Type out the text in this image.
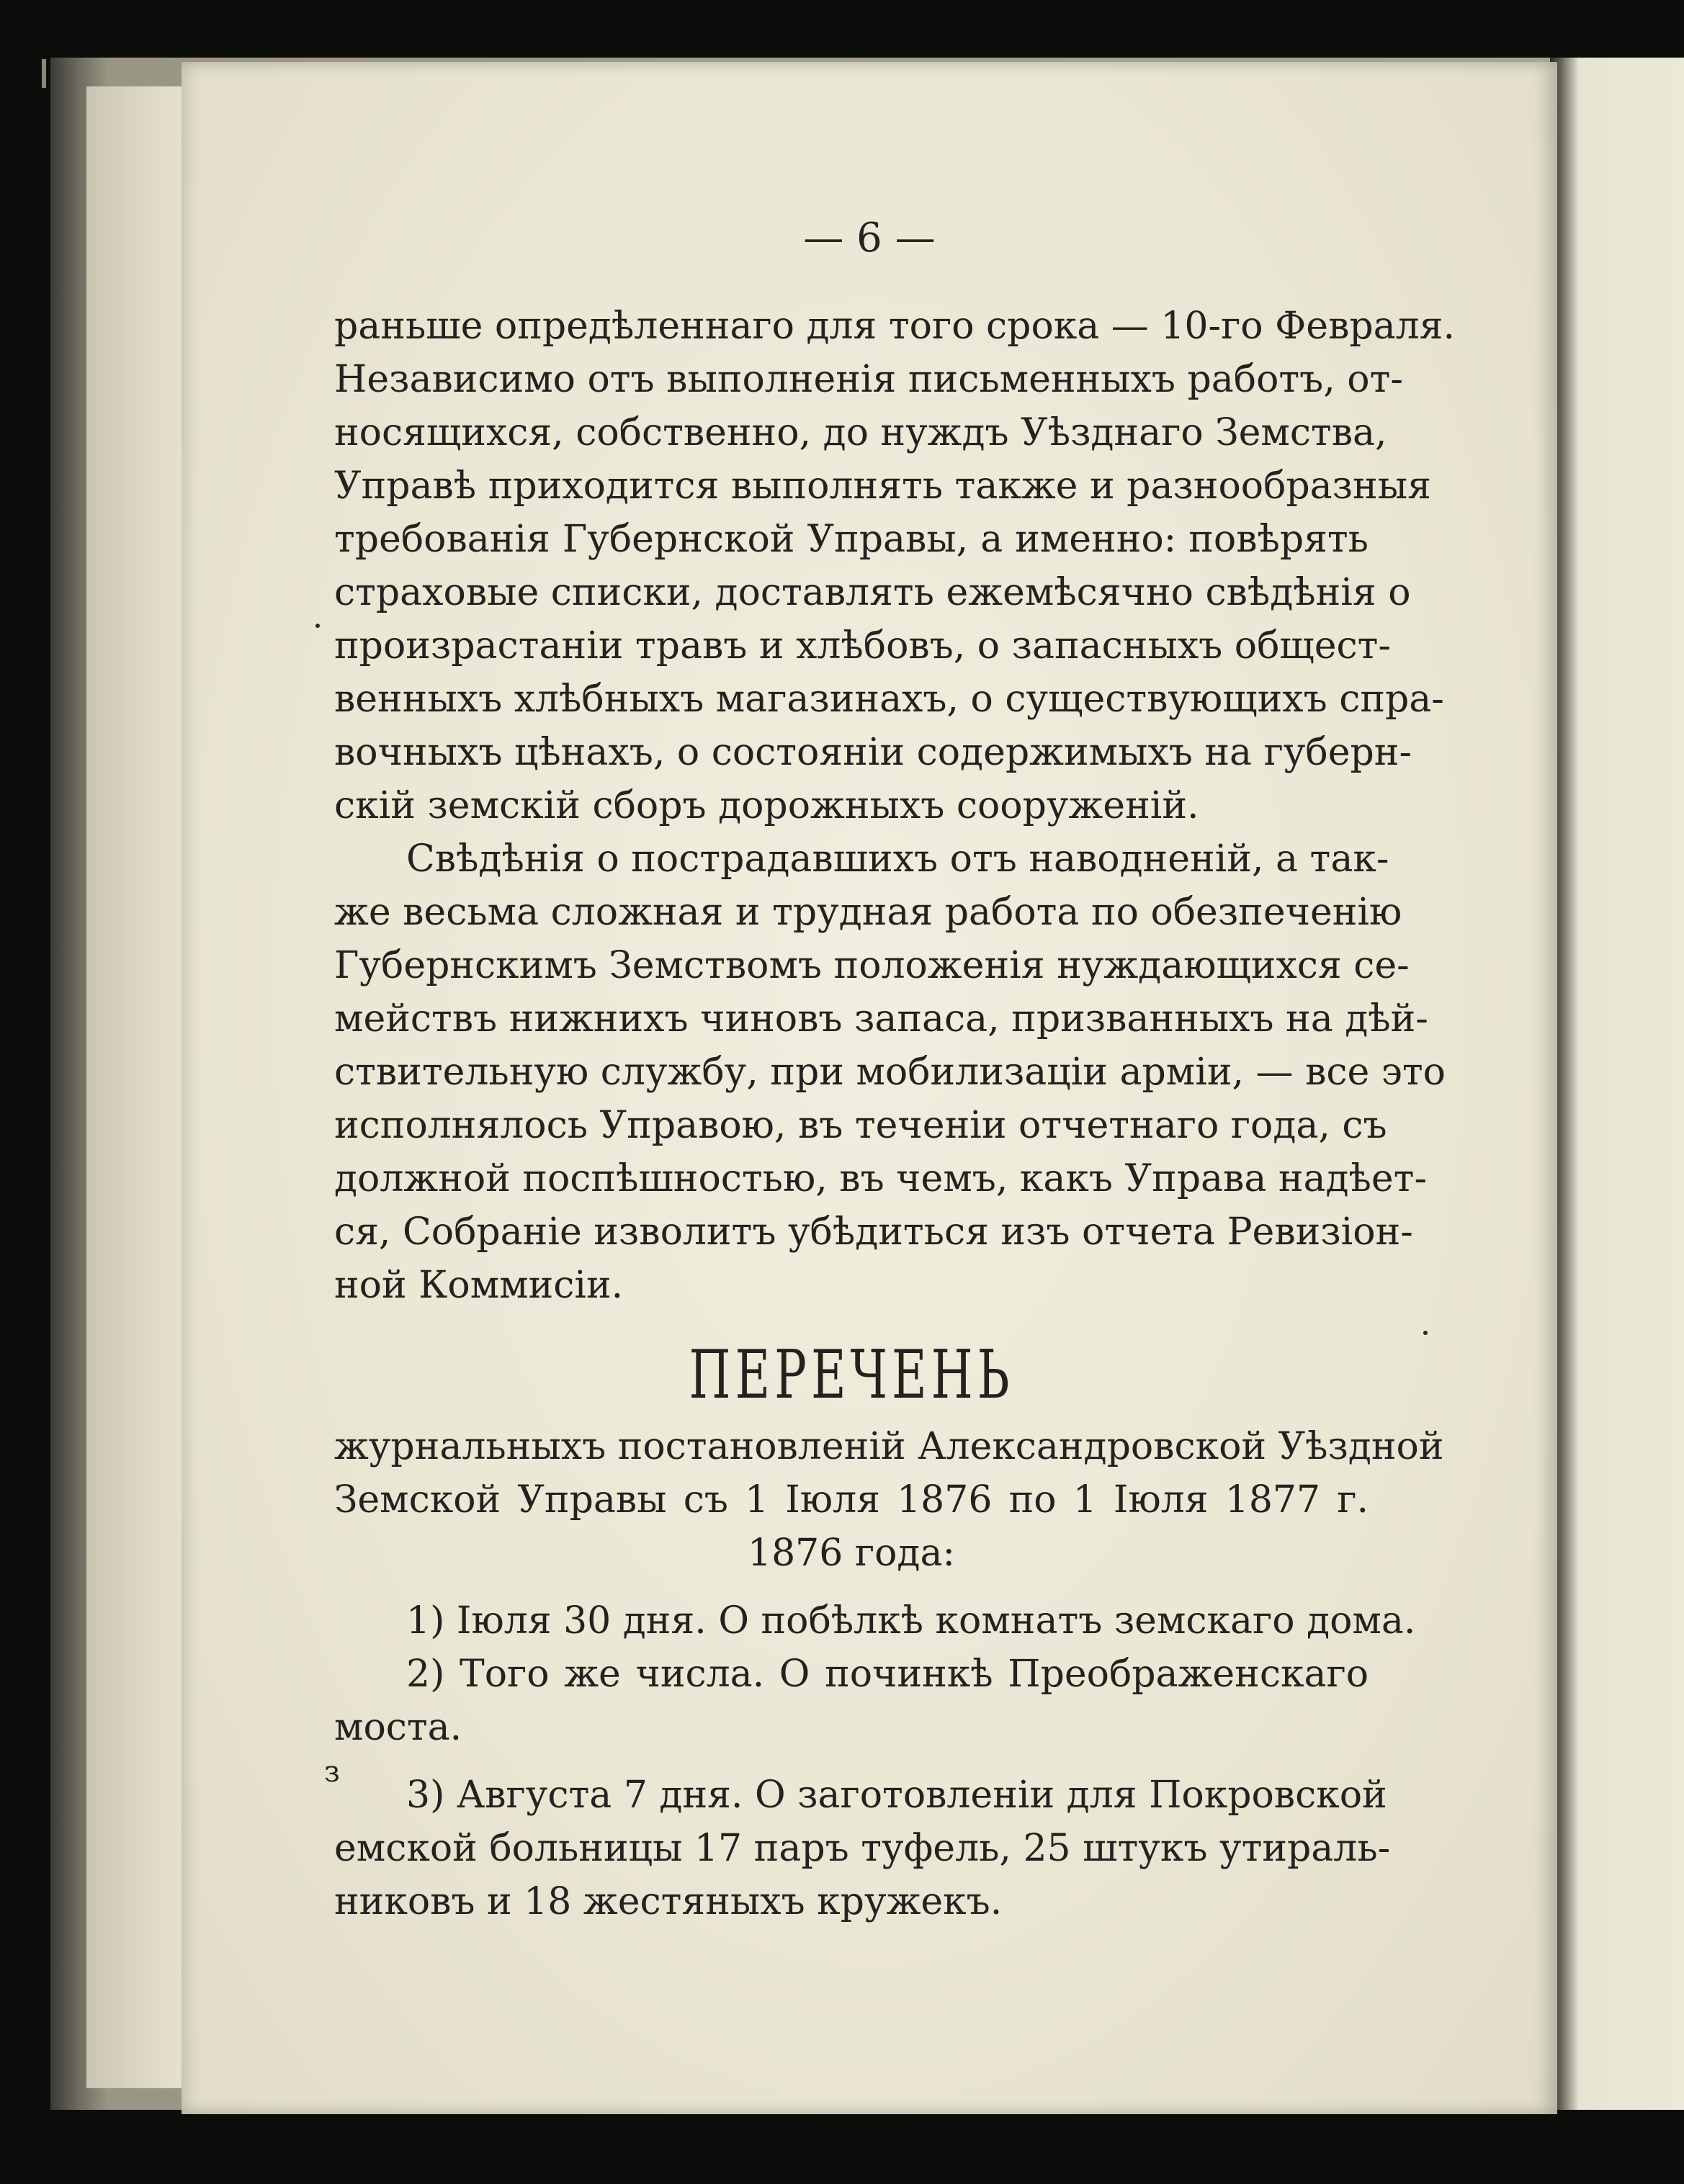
— 6 —
раньше опредѣленнаго для того срока — 10-го Февраля.
Независимо отъ выполненія письменныхъ работъ, от-
носящихся, собственно, до нуждъ Уѣзднаго Земства,
Управѣ приходится выполнять также и разнообразныя
требованія Губернской Управы, а именно: повѣрять
страховые списки, доставлять ежемѣсячно свѣдѣнія о
произрастаніи травъ и хлѣбовъ, о запасныхъ общест-
венныхъ хлѣбныхъ магазинахъ, о существующихъ спра-
вочныхъ цѣнахъ, о состояніи содержимыхъ на губерн-
скій земскій сборъ дорожныхъ сооруженій.
Свѣдѣнія о пострадавшихъ отъ наводненій, а так-
же весьма сложная и трудная работа по обезпеченію
Губернскимъ Земствомъ положенія нуждающихся се-
мействъ нижнихъ чиновъ запаса, призванныхъ на дѣй-
ствительную службу, при мобилизаціи арміи, — все это
исполнялось Управою, въ теченіи отчетнаго года, съ
должной поспѣшностью, въ чемъ, какъ Управа надѣет-
ся, Собраніе изволитъ убѣдиться изъ отчета Ревизіон-
ной Коммисіи.
ПЕРЕЧЕНЬ
журнальныхъ постановленій Александровской Уѣздной
Земской Управы съ 1 Іюля 1876 по 1 Іюля 1877 г.
1876 года:
1) Іюля 30 дня. О побѣлкѣ комнатъ земскаго дома.
2) Того же числа. О починкѣ Преображенскаго
моста.
3) Августа 7 дня. О заготовленіи для Покровской
емской больницы 17 паръ туфель, 25 штукъ утираль-
никовъ и 18 жестяныхъ кружекъ.
з
